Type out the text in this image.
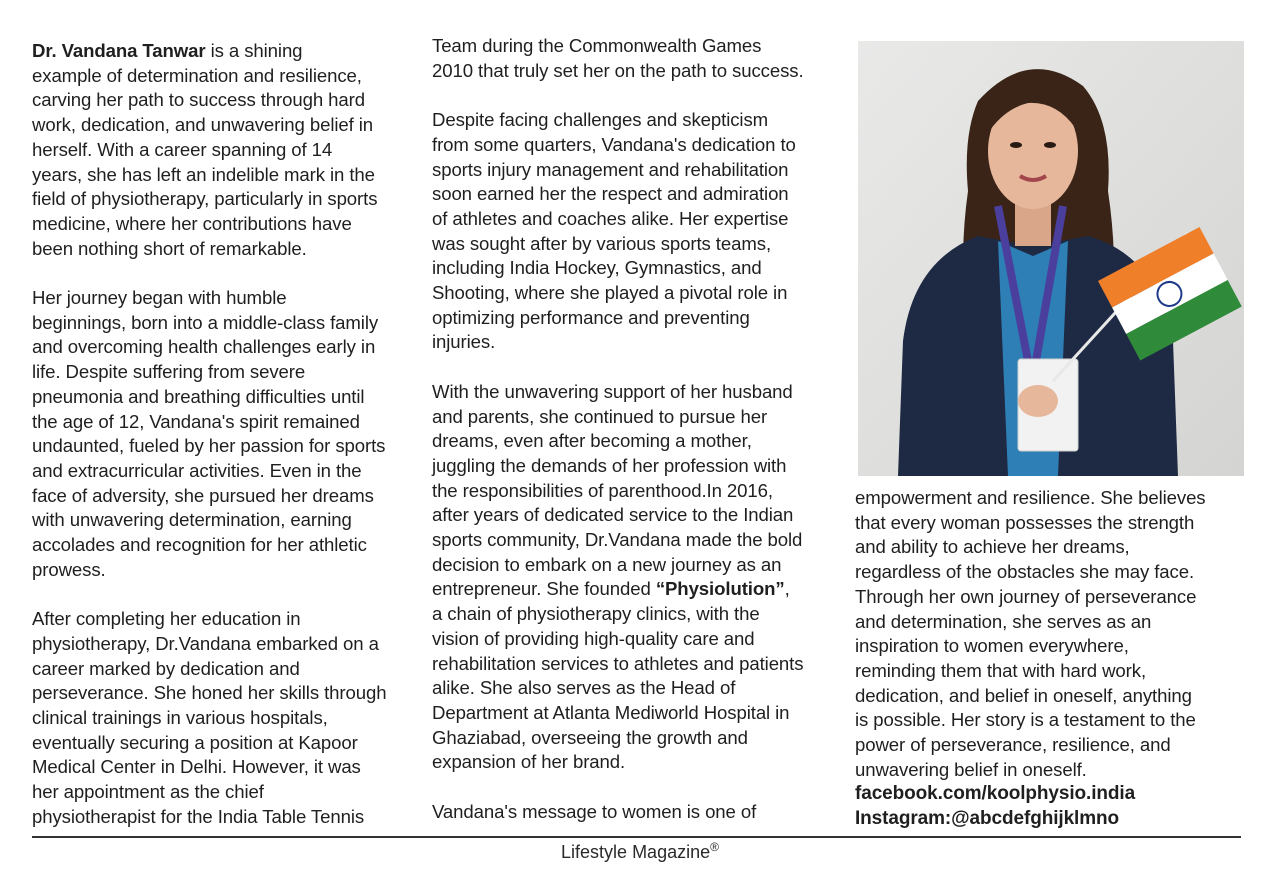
Dr. Vandana Tanwar is a shining
example of determination and resilience,
carving her path to success through hard
work, dedication, and unwavering belief in
herself. With a career spanning of 14
years, she has left an indelible mark in the
field of physiotherapy, particularly in sports
medicine, where her contributions have
been nothing short of remarkable.

Her journey began with humble
beginnings, born into a middle-class family
and overcoming health challenges early in
life. Despite suffering from severe
pneumonia and breathing difficulties until
the age of 12, Vandana's spirit remained
undaunted, fueled by her passion for sports
and extracurricular activities. Even in the
face of adversity, she pursued her dreams
with unwavering determination, earning
accolades and recognition for her athletic
prowess.

After completing her education in
physiotherapy, Dr.Vandana embarked on a
career marked by dedication and
perseverance. She honed her skills through
clinical trainings in various hospitals,
eventually securing a position at Kapoor
Medical Center in Delhi. However, it was
her appointment as the chief
physiotherapist for the India Table Tennis

Team during the Commonwealth Games
2010 that truly set her on the path to success.

Despite facing challenges and skepticism
from some quarters, Vandana's dedication to
sports injury management and rehabilitation
soon earned her the respect and admiration
of athletes and coaches alike. Her expertise
was sought after by various sports teams,
including India Hockey, Gymnastics, and
Shooting, where she played a pivotal role in
optimizing performance and preventing
injuries.

With the unwavering support of her husband
and parents, she continued to pursue her
dreams, even after becoming a mother,
juggling the demands of her profession with
the responsibilities of parenthood.In 2016,
after years of dedicated service to the Indian
sports community, Dr.Vandana made the bold
decision to embark on a new journey as an
entrepreneur. She founded “Physiolution”,
a chain of physiotherapy clinics, with the
vision of providing high-quality care and
rehabilitation services to athletes and patients
alike. She also serves as the Head of
Department at Atlanta Mediworld Hospital in
Ghaziabad, overseeing the growth and
expansion of her brand.

Vandana's message to women is one of

empowerment and resilience. She believes
that every woman possesses the strength
and ability to achieve her dreams,
regardless of the obstacles she may face.
Through her own journey of perseverance
and determination, she serves as an
inspiration to women everywhere,
reminding them that with hard work,
dedication, and belief in oneself, anything
is possible. Her story is a testament to the
power of perseverance, resilience, and
unwavering belief in oneself.

facebook.com/koolphysio.india
Instagram:@abcdefghijklmno
Lifestyle Magazine®
